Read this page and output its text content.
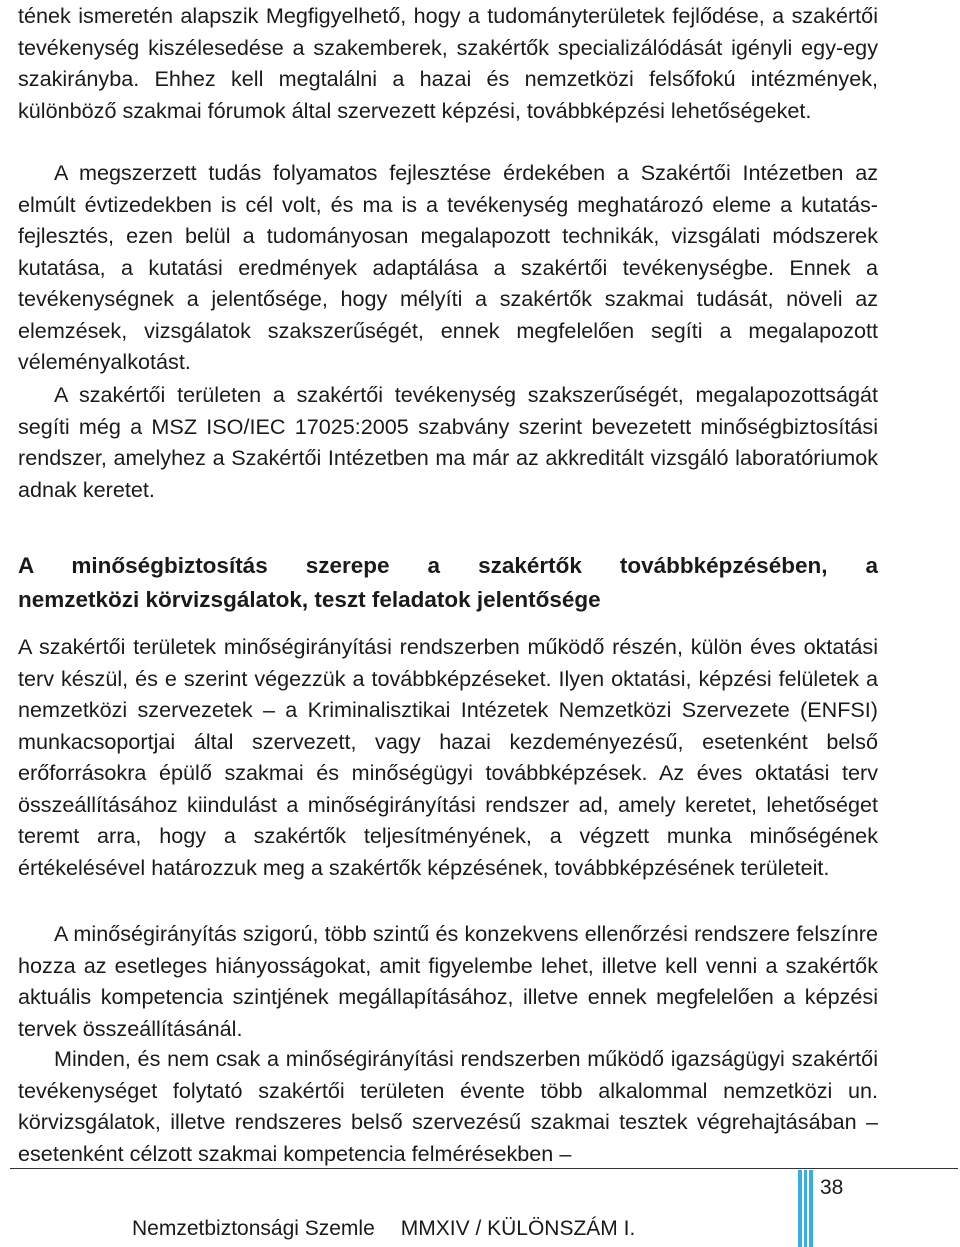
tének ismeretén alapszik Megfigyelhető, hogy a tudományterületek fejlődése, a szakértői tevékenység kiszélesedése a szakemberek, szakértők specializálódását igényli egy-egy szakirányba. Ehhez kell megtalálni a hazai és nemzetközi felsőfokú intézmények, különböző szakmai fórumok által szervezett képzési, továbbképzési lehetőségeket.

A megszerzett tudás folyamatos fejlesztése érdekében a Szakértői Intézetben az elmúlt évtizedekben is cél volt, és ma is a tevékenység meghatározó eleme a kutatás-fejlesztés, ezen belül a tudományosan megalapozott technikák, vizsgálati módszerek kutatása, a kutatási eredmények adaptálása a szakértői tevékenységbe. Ennek a tevékenységnek a jelentősége, hogy mélyíti a szakértők szakmai tudását, növeli az elemzések, vizsgálatok szakszerűségét, ennek megfelelően segíti a megalapozott véleményalkotást.

A szakértői területen a szakértői tevékenység szakszerűségét, megalapozottságát segíti még a MSZ ISO/IEC 17025:2005 szabvány szerint bevezetett minőségbiztosítási rendszer, amelyhez a Szakértői Intézetben ma már az akkreditált vizsgáló laboratóriumok adnak keretet.

A minőségbiztosítás szerepe a szakértők továbbképzésében, a
nemzetközi körvizsgálatok, teszt feladatok jelentősége

A szakértői területek minőségirányítási rendszerben működő részén, külön éves oktatási terv készül, és e szerint végezzük a továbbképzéseket. Ilyen oktatási, képzési felületek a nemzetközi szervezetek – a Kriminalisztikai Intézetek Nemzetközi Szervezete (ENFSI) munkacsoportjai által szervezett, vagy hazai kezdeményezésű, esetenként belső erőforrásokra épülő szakmai és minőségügyi továbbképzések. Az éves oktatási terv összeállításához kiindulást a minőségirányítási rendszer ad, amely keretet, lehetőséget teremt arra, hogy a szakértők teljesítményének, a végzett munka minőségének értékelésével határozzuk meg a szakértők képzésének, továbbképzésének területeit.

A minőségirányítás szigorú, több szintű és konzekvens ellenőrzési rendszere felszínre hozza az esetleges hiányosságokat, amit figyelembe lehet, illetve kell venni a szakértők aktuális kompetencia szintjének megállapításához, illetve ennek megfelelően a képzési tervek összeállításánál.

Minden, és nem csak a minőségirányítási rendszerben működő igazságügyi szakértői tevékenységet folytató szakértői területen évente több alkalommal nemzetközi un. körvizsgálatok, illetve rendszeres belső szervezésű szakmai tesztek végrehajtásában –esetenként célzott szakmai kompetencia felmérésekben –

38
Nemzetbiztonsági Szemle MMXIV / KÜLÖNSZÁM I.
